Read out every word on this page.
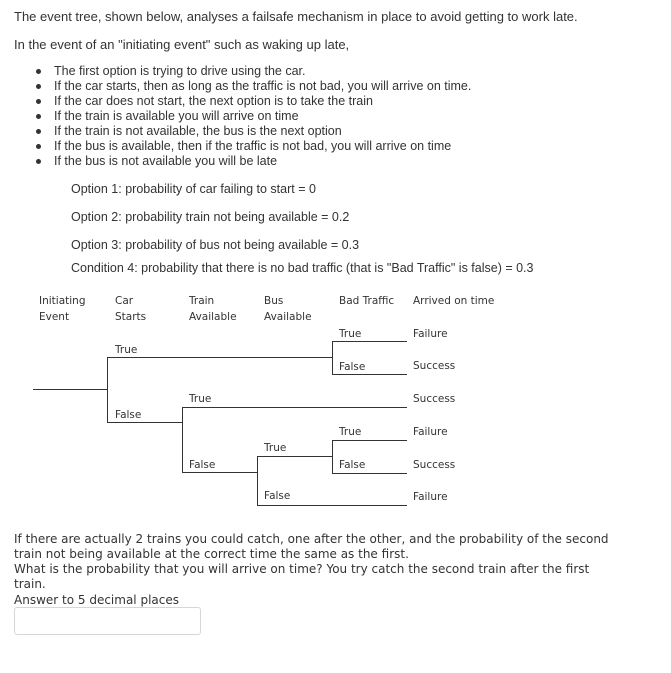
The event tree, shown below, analyses a failsafe mechanism in place to avoid getting to work late.
In the event of an "initiating event" such as waking up late,
The first option is trying to drive using the car.
If the car starts, then as long as the traffic is not bad, you will arrive on time.
If the car does not start, the next option is to take the train
If the train is available you will arrive on time
If the train is not available, the bus is the next option
If the bus is available, then if the traffic is not bad, you will arrive on time
If the bus is not available you will be late
Option 1: probability of car failing to start = 0
Option 2: probability train not being available = 0.2
Option 3: probability of bus not being available = 0.3
Condition 4: probability that there is no bad traffic (that is "Bad Traffic" is false) = 0.3
Initiating
Event
Car
Starts
Train
Available
Bus
Available
Bad Traffic Arrived on time
True
False
True
False
True
False
True
False
True
False
Failure
Success
Success
Failure
Success
Failure
If there are actually 2 trains you could catch, one after the other, and the probability of the second
train not being available at the correct time the same as the first.
What is the probability that you will arrive on time? You try catch the second train after the first
train.
Answer to 5 decimal places
